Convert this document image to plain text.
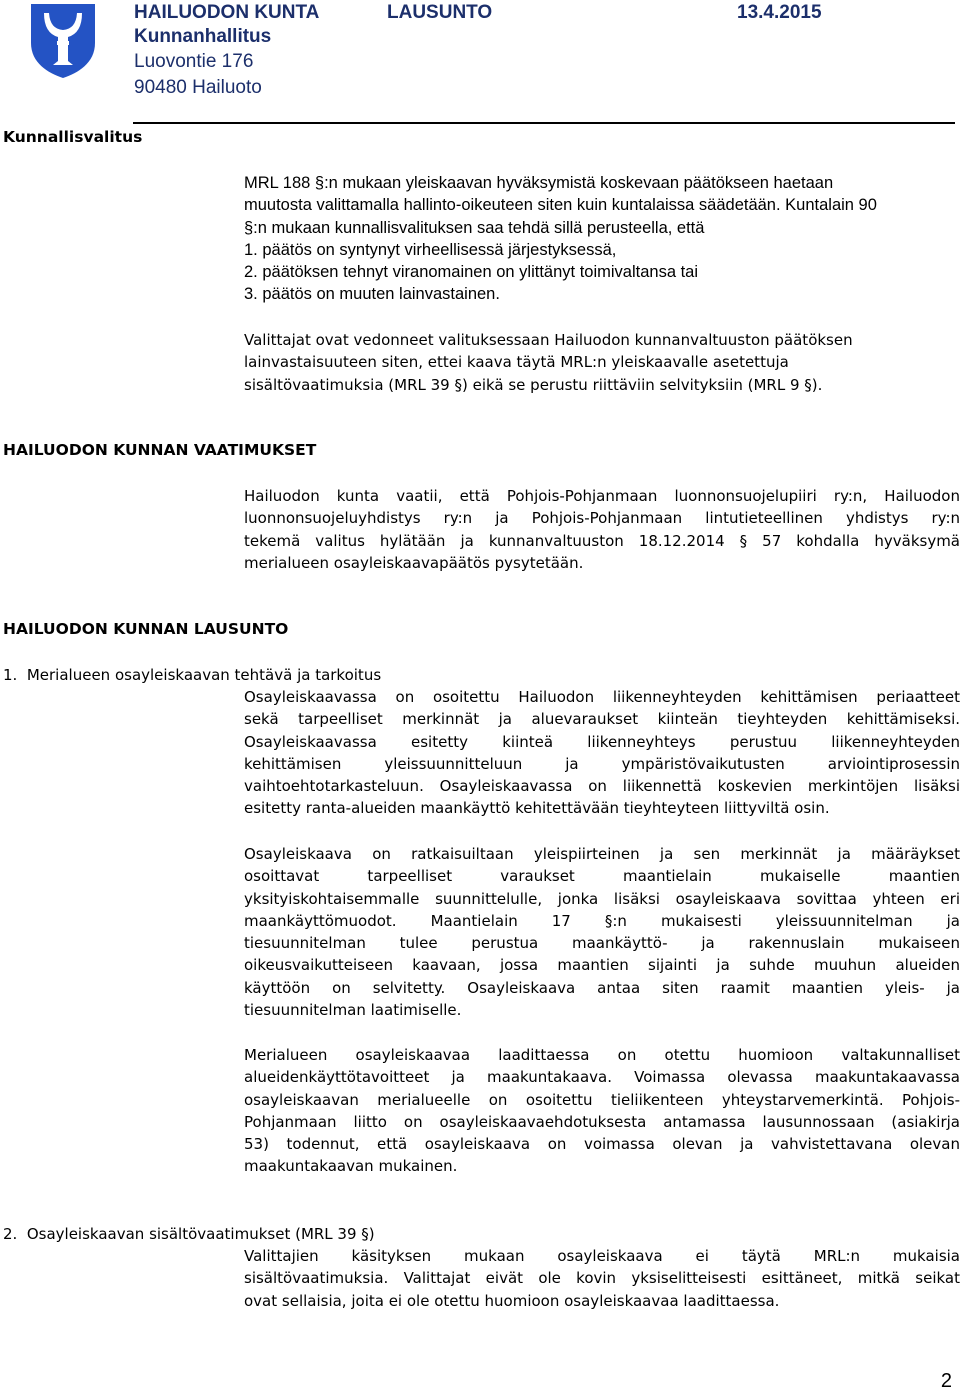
HAILUODON KUNTA	LAUSUNTO	13.4.2015
Kunnanhallitus
Luovontie 176
90480 Hailuoto
Kunnallisvalitus
MRL 188 §:n mukaan yleiskaavan hyväksymistä koskevaan päätökseen haetaan
muutosta valittamalla hallinto-oikeuteen siten kuin kuntalaissa säädetään. Kuntalain 90
§:n mukaan kunnallisvalituksen saa tehdä sillä perusteella, että
1. päätös on syntynyt virheellisessä järjestyksessä,
2. päätöksen tehnyt viranomainen on ylittänyt toimivaltansa tai
3. päätös on muuten lainvastainen.
Valittajat ovat vedonneet valituksessaan Hailuodon kunnanvaltuuston päätöksen
lainvastaisuuteen siten, ettei kaava täytä MRL:n yleiskaavalle asetettuja
sisältövaatimuksia (MRL 39 §) eikä se perustu riittäviin selvityksiin (MRL 9 §).
HAILUODON KUNNAN VAATIMUKSET
Hailuodon kunta vaatii, että Pohjois-Pohjanmaan luonnonsuojelupiiri ry:n, Hailuodon
luonnonsuojeluyhdistys ry:n ja Pohjois-Pohjanmaan lintutieteellinen yhdistys ry:n
tekemä valitus hylätään ja kunnanvaltuuston 18.12.2014 § 57 kohdalla hyväksymä
merialueen osayleiskaavapäätös pysytetään.
HAILUODON KUNNAN LAUSUNTO
1.  Merialueen osayleiskaavan tehtävä ja tarkoitus
Osayleiskaavassa on osoitettu Hailuodon liikenneyhteyden kehittämisen periaatteet
sekä tarpeelliset merkinnät ja aluevaraukset kiinteän tieyhteyden kehittämiseksi.
Osayleiskaavassa esitetty kiinteä liikenneyhteys perustuu liikenneyhteyden
kehittämisen yleissuunnitteluun ja ympäristövaikutusten arviointiprosessin
vaihtoehtotarkasteluun. Osayleiskaavassa on liikennettä koskevien merkintöjen lisäksi
esitetty ranta-alueiden maankäyttö kehitettävään tieyhteyteen liittyviltä osin.
Osayleiskaava on ratkaisuiltaan yleispiirteinen ja sen merkinnät ja määräykset
osoittavat tarpeelliset varaukset maantielain mukaiselle maantien
yksityiskohtaisemmalle suunnittelulle, jonka lisäksi osayleiskaava sovittaa yhteen eri
maankäyttömuodot. Maantielain 17 §:n mukaisesti yleissuunnitelman ja
tiesuunnitelman tulee perustua maankäyttö- ja rakennuslain mukaiseen
oikeusvaikutteiseen kaavaan, jossa maantien sijainti ja suhde muuhun alueiden
käyttöön on selvitetty. Osayleiskaava antaa siten raamit maantien yleis- ja
tiesuunnitelman laatimiselle.
Merialueen osayleiskaavaa laadittaessa on otettu huomioon valtakunnalliset
alueidenkäyttötavoitteet ja maakuntakaava. Voimassa olevassa maakuntakaavassa
osayleiskaavan merialueelle on osoitettu tieliikenteen yhteystarvemerkintä. Pohjois-
Pohjanmaan liitto on osayleiskaavaehdotuksesta antamassa lausunnossaan (asiakirja
53) todennut, että osayleiskaava on voimassa olevan ja vahvistettavana olevan
maakuntakaavan mukainen.
2.  Osayleiskaavan sisältövaatimukset (MRL 39 §)
Valittajien käsityksen mukaan osayleiskaava ei täytä MRL:n mukaisia
sisältövaatimuksia. Valittajat eivät ole kovin yksiselitteisesti esittäneet, mitkä seikat
ovat sellaisia, joita ei ole otettu huomioon osayleiskaavaa laadittaessa.
2
